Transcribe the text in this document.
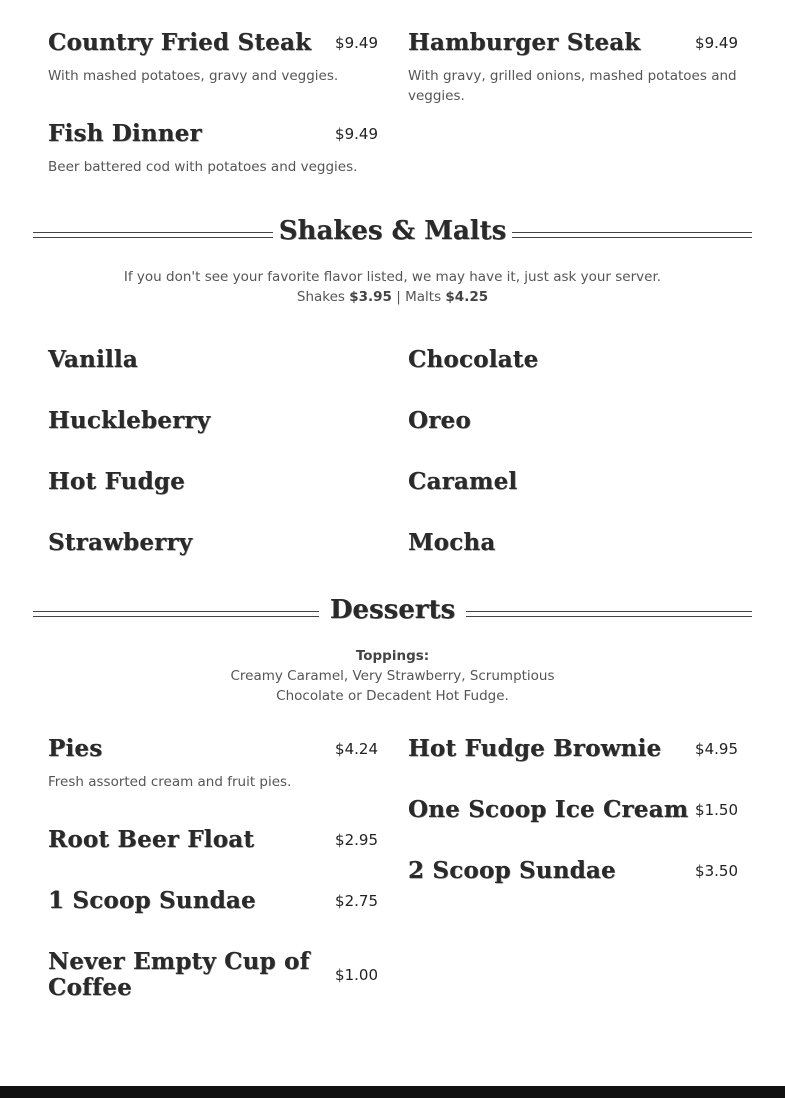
Country Fried Steak	$9.49
With mashed potatoes, gravy and veggies.
Hamburger Steak	$9.49
With gravy, grilled onions, mashed potatoes and veggies.
Fish Dinner	$9.49
Beer battered cod with potatoes and veggies.
Shakes & Malts
If you don't see your favorite flavor listed, we may have it, just ask your server.
Shakes $3.95 | Malts $4.25
Vanilla	Chocolate
Huckleberry	Oreo
Hot Fudge	Caramel
Strawberry	Mocha
Desserts
Toppings:
Creamy Caramel, Very Strawberry, Scrumptious
Chocolate or Decadent Hot Fudge.
Pies	$4.24
Fresh assorted cream and fruit pies.
Root Beer Float	$2.95
1 Scoop Sundae	$2.75
Never Empty Cup of Coffee	$1.00
Hot Fudge Brownie	$4.95
One Scoop Ice Cream $1.50
2 Scoop Sundae	$3.50
